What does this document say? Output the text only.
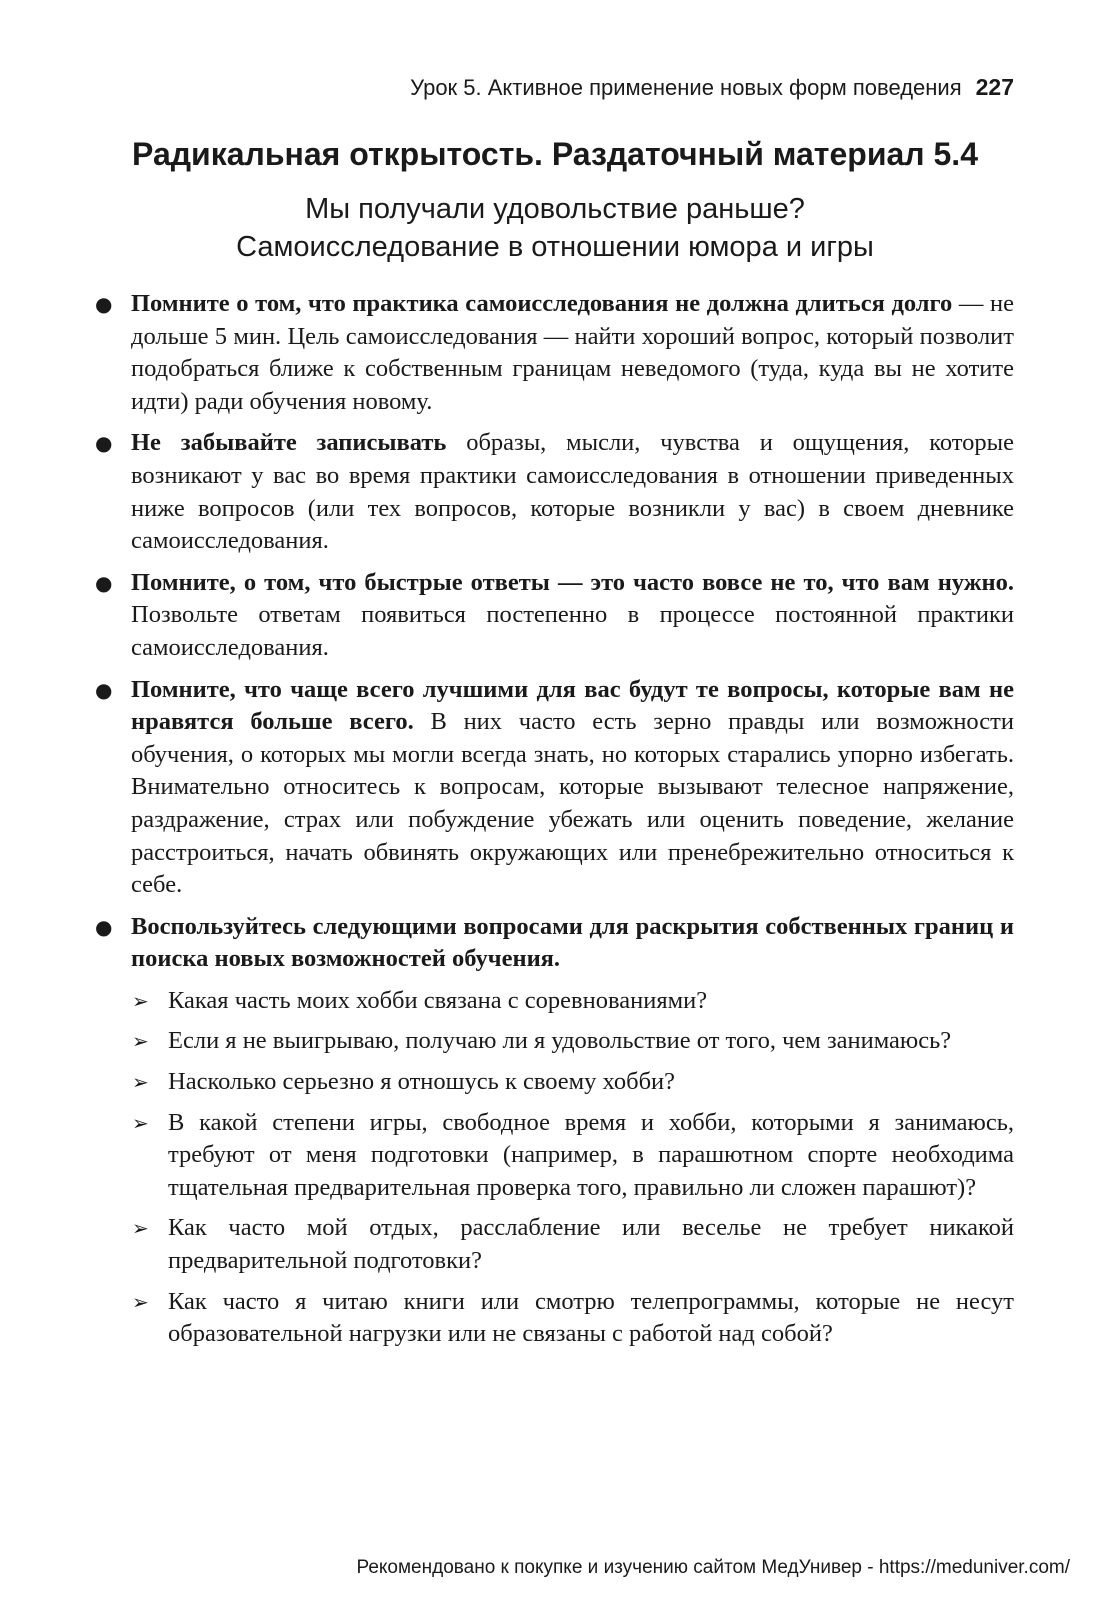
Урок 5. Активное применение новых форм поведения 227
Радикальная открытость. Раздаточный материал 5.4
Мы получали удовольствие раньше?
Самоисследование в отношении юмора и игры
● Помните о том, что практика самоисследования не должна длиться долго — не дольше 5 мин. Цель самоисследования — найти хороший вопрос, который позволит подобраться ближе к собственным границам неведомого (туда, куда вы не хотите идти) ради обучения новому.
● Не забывайте записывать образы, мысли, чувства и ощущения, которые возникают у вас во время практики самоисследования в отношении приведенных ниже вопросов (или тех вопросов, которые возникли у вас) в своем дневнике самоисследования.
● Помните, о том, что быстрые ответы — это часто вовсе не то, что вам нужно. Позвольте ответам появиться постепенно в процессе постоянной практики самоисследования.
● Помните, что чаще всего лучшими для вас будут те вопросы, которые вам не нравятся больше всего. В них часто есть зерно правды или возможности обучения, о которых мы могли всегда знать, но которых старались упорно избегать. Внимательно относитесь к вопросам, которые вызывают телесное напряжение, раздражение, страх или побуждение убежать или оценить поведение, желание расстроиться, начать обвинять окружающих или пренебрежительно относиться к себе.
● Воспользуйтесь следующими вопросами для раскрытия собственных границ и поиска новых возможностей обучения.
➢ Какая часть моих хобби связана с соревнованиями?
➢ Если я не выигрываю, получаю ли я удовольствие от того, чем занимаюсь?
➢ Насколько серьезно я отношусь к своему хобби?
➢ В какой степени игры, свободное время и хобби, которыми я занимаюсь, требуют от меня подготовки (например, в парашютном спорте необходима тщательная предварительная проверка того, правильно ли сложен парашют)?
➢ Как часто мой отдых, расслабление или веселье не требует никакой предварительной подготовки?
➢ Как часто я читаю книги или смотрю телепрограммы, которые не несут образовательной нагрузки или не связаны с работой над собой?
Рекомендовано к покупке и изучению сайтом МедУнивер - https://meduniver.com/
